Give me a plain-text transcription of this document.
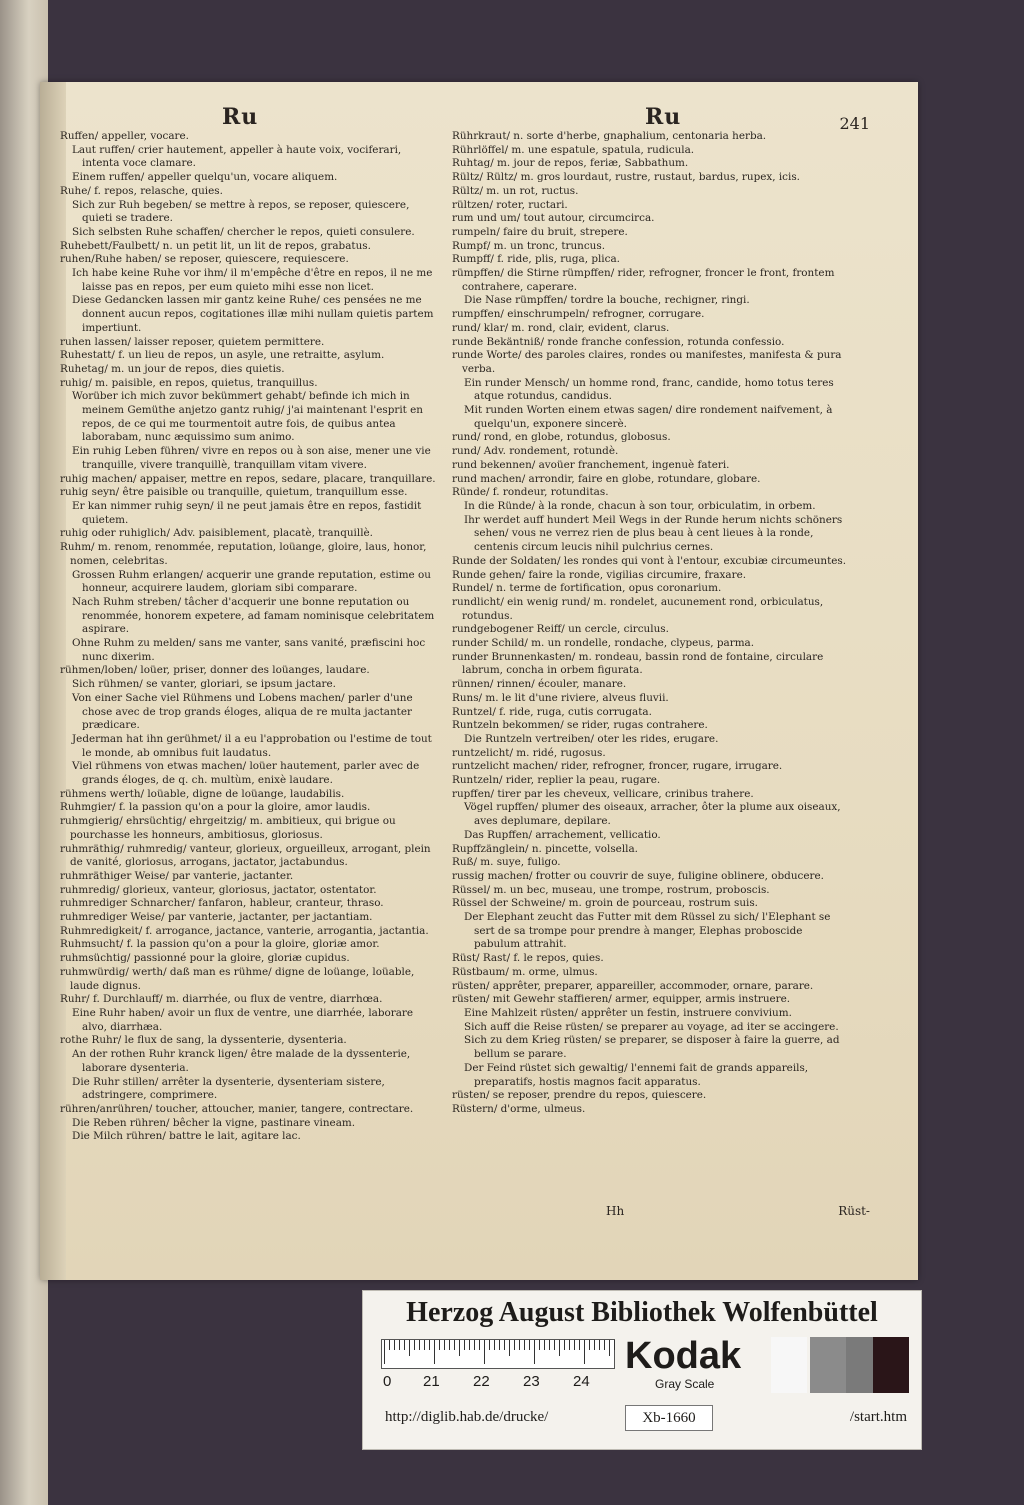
Ru	Ru	241

Ruffen/ appeller, vocare.

Laut ruffen/ crier hautement, appeller à haute voix, vociferari, intenta voce clamare.

Einem ruffen/ appeller quelqu'un, vocare aliquem.

Ruhe/ f. repos, relasche, quies.

Sich zur Ruh begeben/ se mettre à repos, se reposer, quiescere, quieti se tradere.

Sich selbsten Ruhe schaffen/ chercher le repos, quieti consulere.

Ruhebett/Faulbett/ n. un petit lit, un lit de repos, grabatus.

ruhen/Ruhe haben/ se reposer, quiescere, requiescere.

Ich habe keine Ruhe vor ihm/ il m'empêche d'être en repos, il ne me laisse pas en repos, per eum quieto mihi esse non licet.

Diese Gedancken lassen mir gantz keine Ruhe/ ces pensées ne me donnent aucun repos, cogitationes illæ mihi nullam quietis partem impertiunt.

ruhen lassen/ laisser reposer, quietem permittere.

Ruhestatt/ f. un lieu de repos, un asyle, une retraitte, asylum.

Ruhetag/ m. un jour de repos, dies quietis.

ruhig/ m. paisible, en repos, quietus, tranquillus.

Worüber ich mich zuvor bekümmert gehabt/ befinde ich mich in meinem Gemüthe anjetzo gantz ruhig/ j'ai maintenant l'esprit en repos, de ce qui me tourmentoit autre fois, de quibus antea laborabam, nunc æquissimo sum animo.

Ein ruhig Leben führen/ vivre en repos ou à son aise, mener une vie tranquille, vivere tranquillè, tranquillam vitam vivere.

ruhig machen/ appaiser, mettre en repos, sedare, placare, tranquillare.

ruhig seyn/ être paisible ou tranquille, quietum, tranquillum esse.

Er kan nimmer ruhig seyn/ il ne peut jamais être en repos, fastidit quietem.

ruhig oder ruhiglich/ Adv. paisiblement, placatè, tranquillè.

Ruhm/ m. renom, renommée, reputation, loüange, gloire, laus, honor, nomen, celebritas.

Grossen Ruhm erlangen/ acquerir une grande reputation, estime ou honneur, acquirere laudem, gloriam sibi comparare.

Nach Ruhm streben/ tâcher d'acquerir une bonne reputation ou renommée, honorem expetere, ad famam nominisque celebritatem aspirare.

Ohne Ruhm zu melden/ sans me vanter, sans vanité, præfiscini hoc nunc dixerim.

rühmen/loben/ loüer, priser, donner des loüanges, laudare.

Sich rühmen/ se vanter, gloriari, se ipsum jactare.

Von einer Sache viel Rühmens und Lobens machen/ parler d'une chose avec de trop grands éloges, aliqua de re multa jactanter prædicare.

Jederman hat ihn gerühmet/ il a eu l'approbation ou l'estime de tout le monde, ab omnibus fuit laudatus.

Viel rühmens von etwas machen/ loüer hautement, parler avec de grands éloges, de q. ch. multùm, enixè laudare.

rühmens werth/ loüable, digne de loüange, laudabilis.

Ruhmgier/ f. la passion qu'on a pour la gloire, amor laudis.

ruhmgierig/ ehrsüchtig/ ehrgeitzig/ m. ambitieux, qui brigue ou pourchasse les honneurs, ambitiosus, gloriosus.

ruhmräthig/ ruhmredig/ vanteur, glorieux, orgueilleux, arrogant, plein de vanité, gloriosus, arrogans, jactator, jactabundus.

ruhmräthiger Weise/ par vanterie, jactanter.

ruhmredig/ glorieux, vanteur, gloriosus, jactator, ostentator.

ruhmrediger Schnarcher/ fanfaron, hableur, cranteur, thraso.

ruhmrediger Weise/ par vanterie, jactanter, per jactantiam.

Ruhmredigkeit/ f. arrogance, jactance, vanterie, arrogantia, jactantia.

Ruhmsucht/ f. la passion qu'on a pour la gloire, gloriæ amor.

ruhmsüchtig/ passionné pour la gloire, gloriæ cupidus.

ruhmwürdig/ werth/ daß man es rühme/ digne de loüange, loüable, laude dignus.

Ruhr/ f. Durchlauff/ m. diarrhée, ou flux de ventre, diarrhœa.

Eine Ruhr haben/ avoir un flux de ventre, une diarrhée, laborare alvo, diarrhæa.

rothe Ruhr/ le flux de sang, la dyssenterie, dysenteria.

An der rothen Ruhr kranck ligen/ être malade de la dyssenterie, laborare dysenteria.

Die Ruhr stillen/ arrêter la dysenterie, dysenteriam sistere, adstringere, comprimere.

rühren/anrühren/ toucher, attoucher, manier, tangere, contrectare.

Die Reben rühren/ bêcher la vigne, pastinare vineam.

Die Milch rühren/ battre le lait, agitare lac.

Rührkraut/ n. sorte d'herbe, gnaphalium, centonaria herba.

Rührlöffel/ m. une espatule, spatula, rudicula.

Ruhtag/ m. jour de repos, feriæ, Sabbathum.

Rültz/ Rültz/ m. gros lourdaut, rustre, rustaut, bardus, rupex, icis.

Rültz/ m. un rot, ructus.

rültzen/ roter, ructari.

rum und um/ tout autour, circumcirca.

rumpeln/ faire du bruit, strepere.

Rumpf/ m. un tronc, truncus.

Rumpff/ f. ride, plis, ruga, plica.

rümpffen/ die Stirne rümpffen/ rider, refrogner, froncer le front, frontem contrahere, caperare.

Die Nase rümpffen/ tordre la bouche, rechigner, ringi.

rumpffen/ einschrumpeln/ refrogner, corrugare.

rund/ klar/ m. rond, clair, evident, clarus.

runde Bekäntniß/ ronde franche confession, rotunda confessio.

runde Worte/ des paroles claires, rondes ou manifestes, manifesta & pura verba.

Ein runder Mensch/ un homme rond, franc, candide, homo totus teres atque rotundus, candidus.

Mit runden Worten einem etwas sagen/ dire rondement naifvement, à quelqu'un, exponere sincerè.

rund/ rond, en globe, rotundus, globosus.

rund/ Adv. rondement, rotundè.

rund bekennen/ avoüer franchement, ingenuè fateri.

rund machen/ arrondir, faire en globe, rotundare, globare.

Ründe/ f. rondeur, rotunditas.

In die Ründe/ à la ronde, chacun à son tour, orbiculatim, in orbem.

Ihr werdet auff hundert Meil Wegs in der Runde herum nichts schöners sehen/ vous ne verrez rien de plus beau à cent lieues à la ronde, centenis circum leucis nihil pulchrius cernes.

Runde der Soldaten/ les rondes qui vont à l'entour, excubiæ circumeuntes.

Runde gehen/ faire la ronde, vigilias circumire, fraxare.

Rundel/ n. terme de fortification, opus coronarium.

rundlicht/ ein wenig rund/ m. rondelet, aucunement rond, orbiculatus, rotundus.

rundgebogener Reiff/ un cercle, circulus.

runder Schild/ m. un rondelle, rondache, clypeus, parma.

runder Brunnenkasten/ m. rondeau, bassin rond de fontaine, circulare labrum, concha in orbem figurata.

rünnen/ rinnen/ écouler, manare.

Runs/ m. le lit d'une riviere, alveus fluvii.

Runtzel/ f. ride, ruga, cutis corrugata.

Runtzeln bekommen/ se rider, rugas contrahere.

Die Runtzeln vertreiben/ oter les rides, erugare.

runtzelicht/ m. ridé, rugosus.

runtzelicht machen/ rider, refrogner, froncer, rugare, irrugare.

Runtzeln/ rider, replier la peau, rugare.

rupffen/ tirer par les cheveux, vellicare, crinibus trahere.

Vögel rupffen/ plumer des oiseaux, arracher, ôter la plume aux oiseaux, aves deplumare, depilare.

Das Rupffen/ arrachement, vellicatio.

Rupffzänglein/ n. pincette, volsella.

Ruß/ m. suye, fuligo.

russig machen/ frotter ou couvrir de suye, fuligine oblinere, obducere.

Rüssel/ m. un bec, museau, une trompe, rostrum, proboscis.

Rüssel der Schweine/ m. groin de pourceau, rostrum suis.

Der Elephant zeucht das Futter mit dem Rüssel zu sich/ l'Elephant se sert de sa trompe pour prendre à manger, Elephas proboscide pabulum attrahit.

Rüst/ Rast/ f. le repos, quies.

Rüstbaum/ m. orme, ulmus.

rüsten/ apprêter, preparer, appareiller, accommoder, ornare, parare.

rüsten/ mit Gewehr staffieren/ armer, equipper, armis instruere.

Eine Mahlzeit rüsten/ apprêter un festin, instruere convivium.

Sich auff die Reise rüsten/ se preparer au voyage, ad iter se accingere.

Sich zu dem Krieg rüsten/ se preparer, se disposer à faire la guerre, ad bellum se parare.

Der Feind rüstet sich gewaltig/ l'ennemi fait de grands appareils, preparatifs, hostis magnos facit apparatus.

rüsten/ se reposer, prendre du repos, quiescere.

Rüstern/ d'orme, ulmeus.

Hh	Rüst-
Herzog August Bibliothek Wolfenbüttel
0 21 22 23 24
Kodak
Gray Scale
http://diglib.hab.de/drucke/	Xb-1660	/start.htm
